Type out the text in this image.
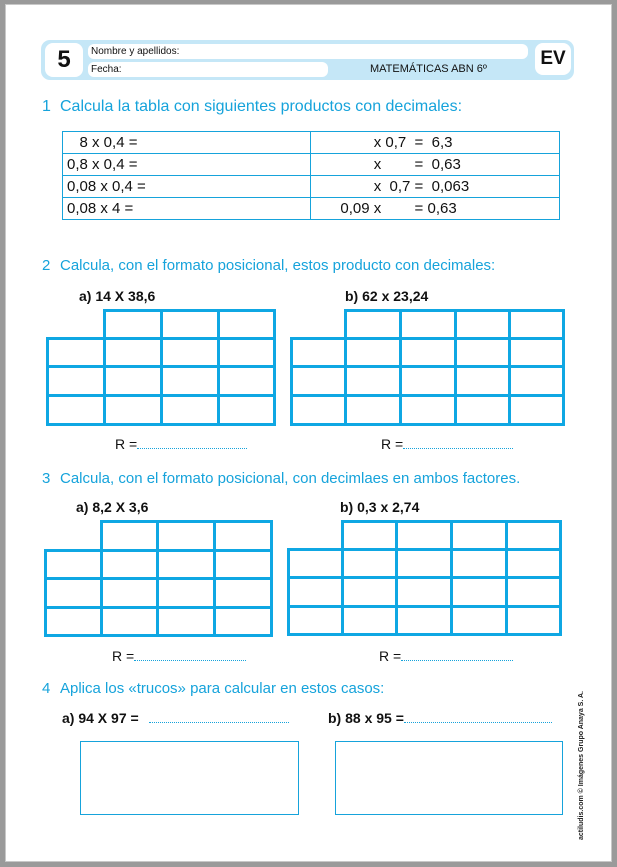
5	Nombre y apellidos:
Fecha:	MATEMÁTICAS ABN 6º	EV
1 Calcula la tabla con siguientes productos con decimales:
8 x 0,4 =	x 0,7  =  6,3
0,8 x 0,4 =	x        =  0,63
0,08 x 0,4 =	x  0,7 =  0,063
0,08 x 4 =	0,09 x        = 0,63
2 Calcula, con el formato posicional, estos producto con decimales:
a) 14 X 38,6	b) 62 x 23,24
R =	R =
3 Calcula, con el formato posicional, con decimlaes en ambos factores.
a) 8,2 X 3,6	b) 0,3 x 2,74
R =	R =
4 Aplica los «trucos» para calcular en estos casos:
a) 94 X 97 =	b) 88 x 95 =	actiludis.com © Imágenes Grupo Anaya S. A.
